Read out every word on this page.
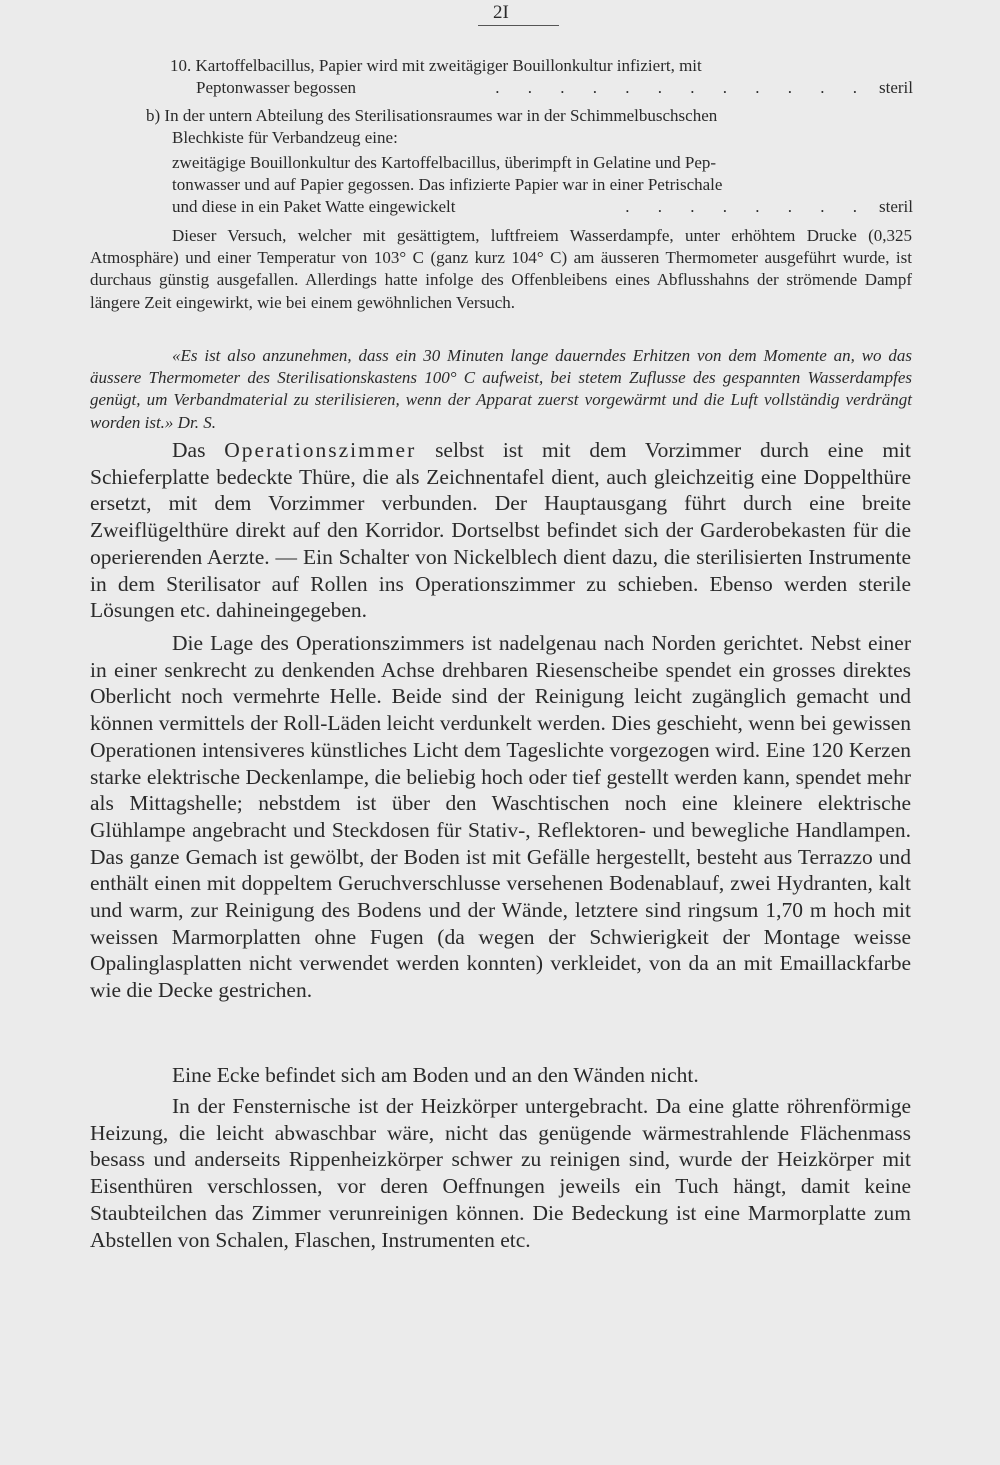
2I
10. Kartoffelbacillus, Papier wird mit zweitägiger Bouillonkultur infiziert, mit
Peptonwasser begossen	. . . . . . . . . . . . steril
b) In der untern Abteilung des Sterilisationsraumes war in der Schimmelbuschschen
Blechkiste für Verbandzeug eine:
zweitägige Bouillonkultur des Kartoffelbacillus, überimpft in Gelatine und Pep-
tonwasser und auf Papier gegossen. Das infizierte Papier war in einer Petrischale
und diese in ein Paket Watte eingewickelt	. . . . . . . . steril
Dieser Versuch, welcher mit gesättigtem, luftfreiem Wasserdampfe, unter erhöhtem Drucke (0,325 Atmosphäre) und einer Temperatur von 103° C (ganz kurz 104° C) am äusseren Thermometer ausgeführt wurde, ist durchaus günstig ausgefallen. Allerdings hatte infolge des Offenbleibens eines Abflusshahns der strömende Dampf längere Zeit eingewirkt, wie bei einem gewöhnlichen Versuch.
«Es ist also anzunehmen, dass ein 30 Minuten lange dauerndes Erhitzen von dem Momente an, wo das äussere Thermometer des Sterilisationskastens 100° C aufweist, bei stetem Zuflusse des gespannten Wasserdampfes genügt, um Verbandmaterial zu sterilisieren, wenn der Apparat zuerst vorgewärmt und die Luft vollständig verdrängt worden ist.» Dr. S.
Das Operationszimmer selbst ist mit dem Vorzimmer durch eine mit Schieferplatte bedeckte Thüre, die als Zeichnentafel dient, auch gleichzeitig eine Doppelthüre ersetzt, mit dem Vorzimmer verbunden. Der Hauptausgang führt durch eine breite Zweiflügelthüre direkt auf den Korridor. Dortselbst befindet sich der Garderobekasten für die operierenden Aerzte. — Ein Schalter von Nickelblech dient dazu, die sterilisierten Instrumente in dem Sterilisator auf Rollen ins Operationszimmer zu schieben. Ebenso werden sterile Lösungen etc. dahineingegeben.
Die Lage des Operationszimmers ist nadelgenau nach Norden gerichtet. Nebst einer in einer senkrecht zu denkenden Achse drehbaren Riesenscheibe spendet ein grosses direktes Oberlicht noch vermehrte Helle. Beide sind der Reinigung leicht zugänglich gemacht und können vermittels der Roll-Läden leicht verdunkelt werden. Dies geschieht, wenn bei gewissen Operationen intensiveres künstliches Licht dem Tageslichte vorgezogen wird. Eine 120 Kerzen starke elektrische Deckenlampe, die beliebig hoch oder tief gestellt werden kann, spendet mehr als Mittagshelle; nebstdem ist über den Waschtischen noch eine kleinere elektrische Glühlampe angebracht und Steckdosen für Stativ-, Reflektoren- und bewegliche Handlampen. Das ganze Gemach ist gewölbt, der Boden ist mit Gefälle hergestellt, besteht aus Terrazzo und enthält einen mit doppeltem Geruchverschlusse versehenen Bodenablauf, zwei Hydranten, kalt und warm, zur Reinigung des Bodens und der Wände, letztere sind ringsum 1,70 m hoch mit weissen Marmorplatten ohne Fugen (da wegen der Schwierigkeit der Montage weisse Opalinglasplatten nicht verwendet werden konnten) verkleidet, von da an mit Emaillackfarbe wie die Decke gestrichen.
Eine Ecke befindet sich am Boden und an den Wänden nicht.
In der Fensternische ist der Heizkörper untergebracht. Da eine glatte röhrenförmige Heizung, die leicht abwaschbar wäre, nicht das genügende wärmestrahlende Flächenmass besass und anderseits Rippenheizkörper schwer zu reinigen sind, wurde der Heizkörper mit Eisenthüren verschlossen, vor deren Oeffnungen jeweils ein Tuch hängt, damit keine Staubteilchen das Zimmer verunreinigen können. Die Bedeckung ist eine Marmorplatte zum Abstellen von Schalen, Flaschen, Instrumenten etc.
